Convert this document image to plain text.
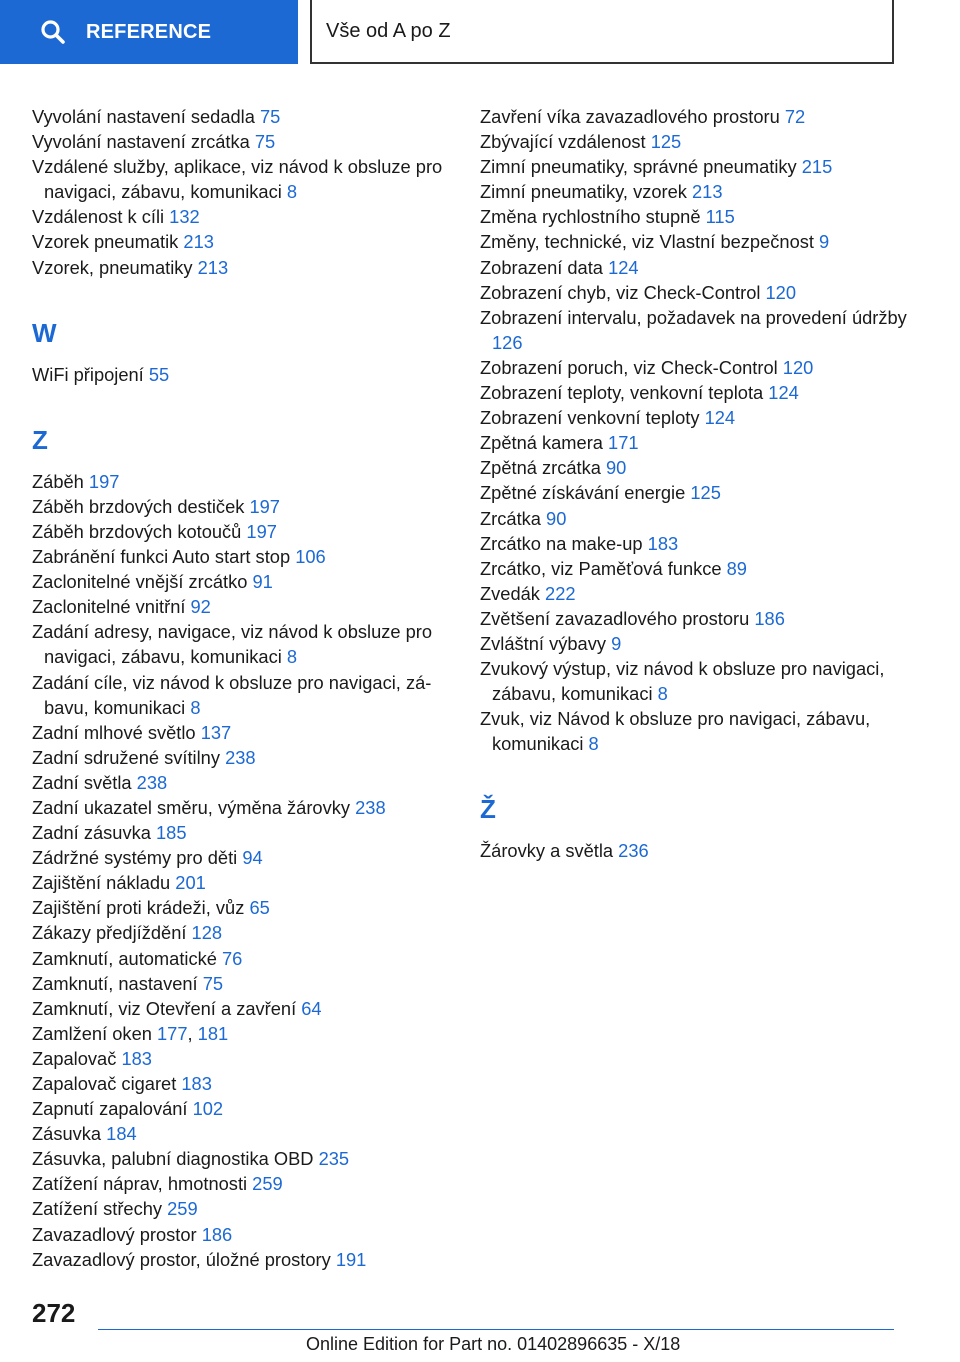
REFERENCE	Vše od A po Z
Vyvolání nastavení sedadla 75
Vyvolání nastavení zrcátka 75
Vzdálené služby, aplikace, viz návod k obsluze pro navigaci, zábavu, komunikaci 8
Vzdálenost k cíli 132
Vzorek pneumatik 213
Vzorek, pneumatiky 213
W
WiFi připojení 55
Z
Záběh 197
Záběh brzdových destiček 197
Záběh brzdových kotoučů 197
Zabránění funkci Auto start stop 106
Zaclonitelné vnější zrcátko 91
Zaclonitelné vnitřní 92
Zadání adresy, navigace, viz návod k obsluze pro navigaci, zábavu, komunikaci 8
Zadání cíle, viz návod k obsluze pro navigaci, zábavu, komunikaci 8
Zadní mlhové světlo 137
Zadní sdružené svítilny 238
Zadní světla 238
Zadní ukazatel směru, výměna žárovky 238
Zadní zásuvka 185
Zádržné systémy pro děti 94
Zajištění nákladu 201
Zajištění proti krádeži, vůz 65
Zákazy předjíždění 128
Zamknutí, automatické 76
Zamknutí, nastavení 75
Zamknutí, viz Otevření a zavření 64
Zamlžení oken 177, 181
Zapalovač 183
Zapalovač cigaret 183
Zapnutí zapalování 102
Zásuvka 184
Zásuvka, palubní diagnostika OBD 235
Zatížení náprav, hmotnosti 259
Zatížení střechy 259
Zavazadlový prostor 186
Zavazadlový prostor, úložné prostory 191
Zavření víka zavazadlového prostoru 72
Zbývající vzdálenost 125
Zimní pneumatiky, správné pneumatiky 215
Zimní pneumatiky, vzorek 213
Změna rychlostního stupně 115
Změny, technické, viz Vlastní bezpečnost 9
Zobrazení data 124
Zobrazení chyb, viz Check-Control 120
Zobrazení intervalu, požadavek na provedení údržby 126
Zobrazení poruch, viz Check-Control 120
Zobrazení teploty, venkovní teplota 124
Zobrazení venkovní teploty 124
Zpětná kamera 171
Zpětná zrcátka 90
Zpětné získávání energie 125
Zrcátka 90
Zrcátko na make-up 183
Zrcátko, viz Paměťová funkce 89
Zvedák 222
Zvětšení zavazadlového prostoru 186
Zvláštní výbavy 9
Zvukový výstup, viz návod k obsluze pro navigaci, zábavu, komunikaci 8
Zvuk, viz Návod k obsluze pro navigaci, zábavu, komunikaci 8
Ž
Žárovky a světla 236
272
Online Edition for Part no. 01402896635 - X/18
